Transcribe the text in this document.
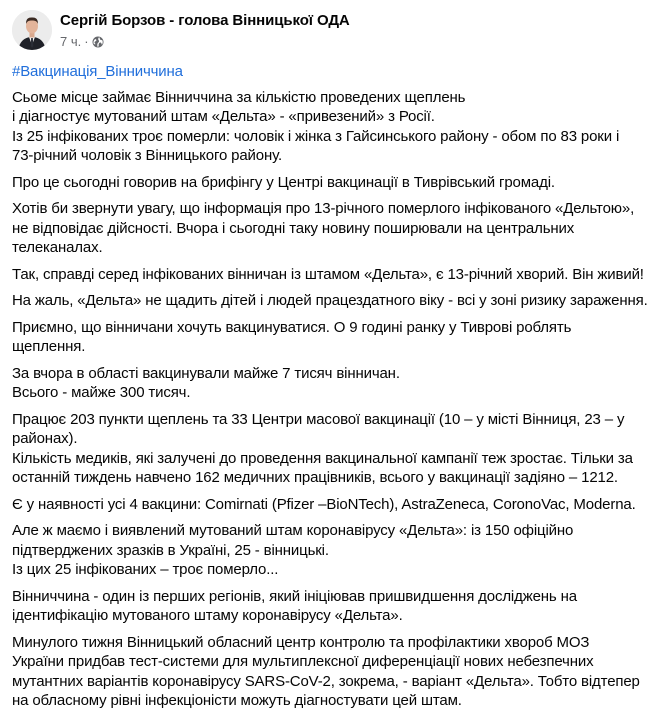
Сергій Борзов - голова Вінницької ОДА
7 ч. ·
#Вакцинація_Вінниччина
Сьоме місце займає Вінниччина за кількістю проведених щеплень
і діагностує мутований штам «Дельта» - «привезений» з Росії.
Із 25 інфікованих троє померли: чоловік і жінка з Гайсинського району - обом по 83 роки і
73-річний чоловік з Вінницького району.
Про це сьогодні говорив на брифінгу у Центрі вакцинації в Тиврівський громаді.
Хотів би звернути увагу, що інформація про 13-річного померлого інфікованого «Дельтою»,
не відповідає дійсності. Вчора і сьогодні таку новину поширювали на центральних
телеканалах.
Так, справді серед інфікованих вінничан із штамом «Дельта», є 13-річний хворий. Він живий!
На жаль, «Дельта» не щадить дітей і людей працездатного віку - всі у зоні ризику зараження.
Приємно, що вінничани хочуть вакцинуватися. О 9 годині ранку у Тиврові роблять
щеплення.
За вчора в області вакцинували майже 7 тисяч вінничан.
Всього - майже 300 тисяч.
Працює 203 пункти щеплень та 33 Центри масової вакцинації (10 – у місті Вінниця, 23 – у
районах).
Кількість медиків, які залучені до проведення вакцинальної кампанії теж зростає. Тільки за
останній тиждень навчено 162 медичних працівників, всього у вакцинації задіяно – 1212.
Є у наявності усі 4 вакцини: Comirnati (Pfizer –BioNTech), AstraZeneca, CoronoVac, Moderna.
Але ж маємо і виявлений мутований штам коронавірусу «Дельта»: із 150 офіційно
підтверджених зразків в Україні, 25 - вінницькі.
Із цих 25 інфікованих – троє померло...
Вінниччина - один із перших регіонів, який ініціював пришвидшення досліджень на
ідентифікацію мутованого штаму коронавірусу «Дельта».
Минулого тижня Вінницький обласний центр контролю та профілактики хвороб МОЗ
України придбав тест-системи для мультиплексної диференціації нових небезпечних
мутантних варіантів коронавірусу SARS-CoV-2, зокрема, - варіант «Дельта». Тобто відтепер
на обласному рівні інфекціоністи можуть діагностувати цей штам.
